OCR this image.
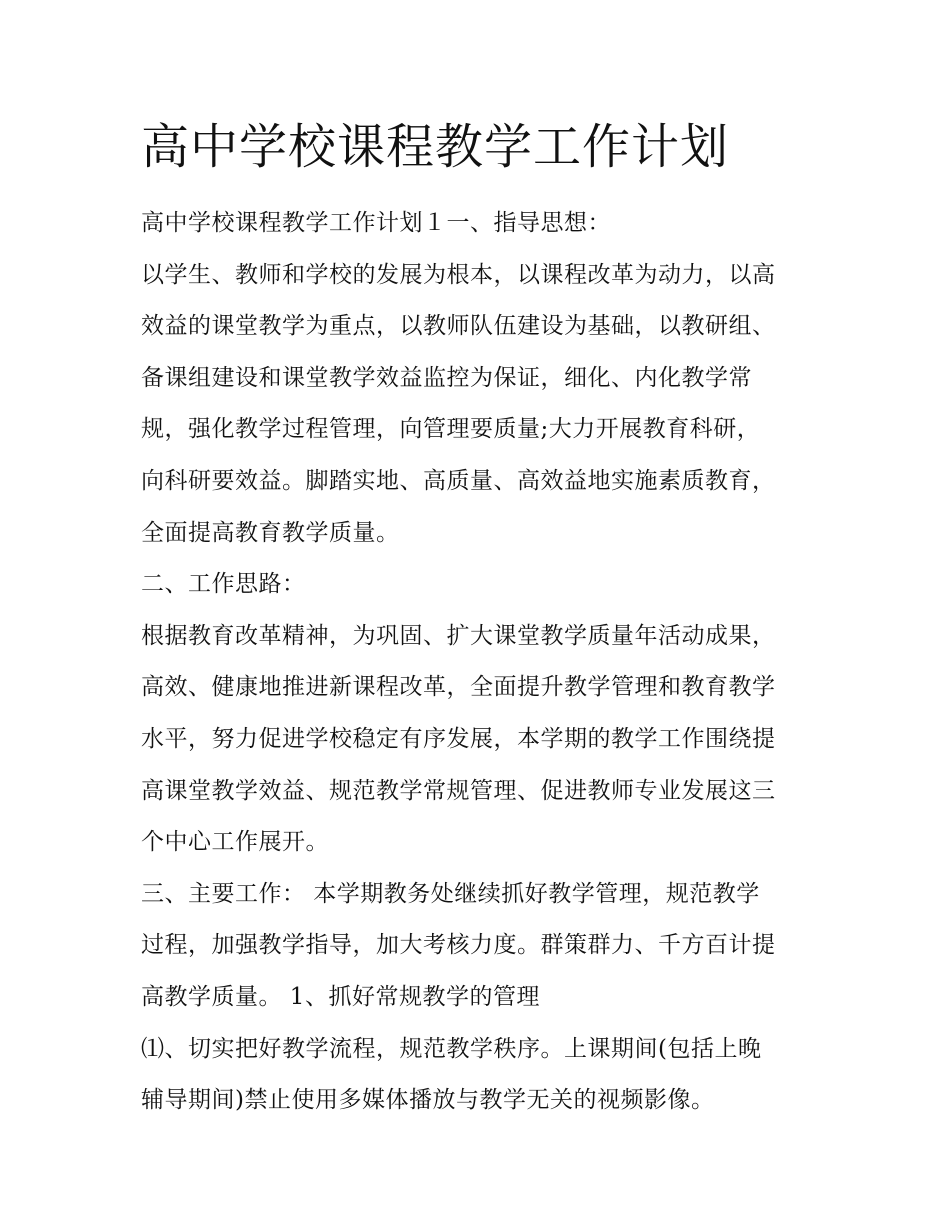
高中学校课程教学工作计划

高中学校课程教学工作计划１一、指导思想：

以学生、教师和学校的发展为根本，以课程改革为动力，以高

效益的课堂教学为重点，以教师队伍建设为基础，以教研组、

备课组建设和课堂教学效益监控为保证，细化、内化教学常

规，强化教学过程管理，向管理要质量;大力开展教育科研，

向科研要效益。脚踏实地、高质量、高效益地实施素质教育，

全面提高教育教学质量。

二、工作思路：

根据教育改革精神，为巩固、扩大课堂教学质量年活动成果，

高效、健康地推进新课程改革，全面提升教学管理和教育教学

水平，努力促进学校稳定有序发展，本学期的教学工作围绕提

高课堂教学效益、规范教学常规管理、促进教师专业发展这三

个中心工作展开。

三、主要工作： 本学期教务处继续抓好教学管理，规范教学

过程，加强教学指导，加大考核力度。群策群力、千方百计提

高教学质量。 1、抓好常规教学的管理

⑴、切实把好教学流程，规范教学秩序。上课期间(包括上晚

辅导期间)禁止使用多媒体播放与教学无关的视频影像。
